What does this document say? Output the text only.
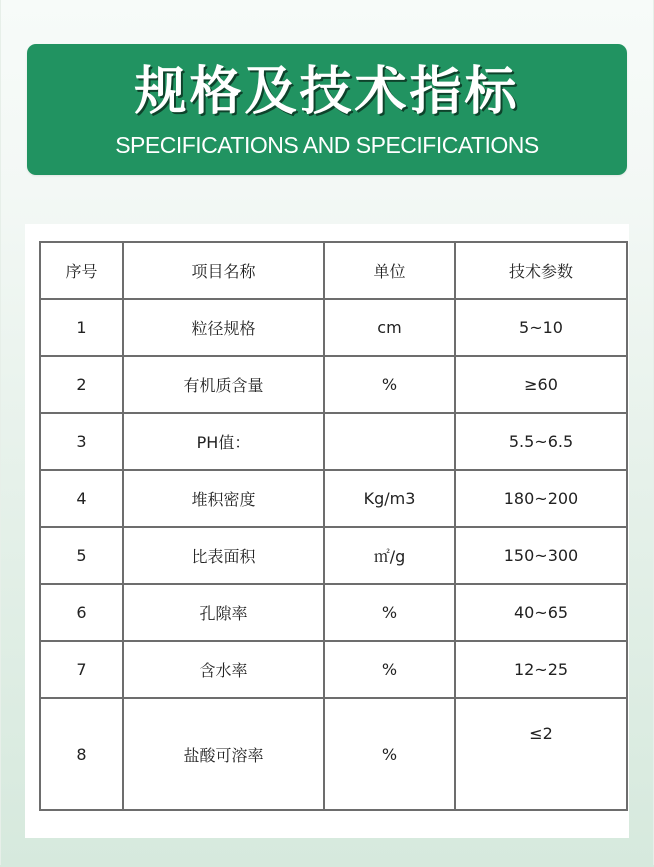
规格及技术指标
SPECIFICATIONS AND SPECIFICATIONS
序号	项目名称	单位	技术参数
1	粒径规格	cm	5~10
2	有机质含量	%	≥60
3	PH值：		5.5~6.5
4	堆积密度	Kg/m3	180~200
5	比表面积	㎡/g	150~300
6	孔隙率	%	40~65
7	含水率	%	12~25
8	盐酸可溶率	%	≤2
